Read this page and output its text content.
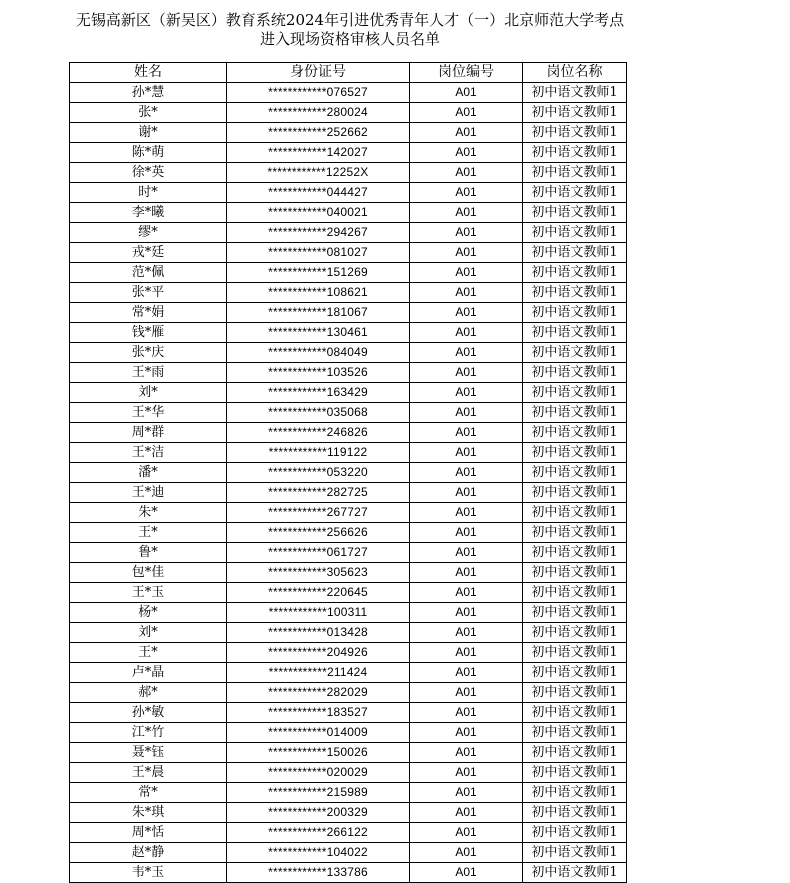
无锡高新区（新吴区）教育系统2024年引进优秀青年人才（一）北京师范大学考点
进入现场资格审核人员名单
姓名	身份证号	岗位编号	岗位名称
孙*慧	************076527	A01	初中语文教师1
张*	************280024	A01	初中语文教师1
谢*	************252662	A01	初中语文教师1
陈*萌	************142027	A01	初中语文教师1
徐*英	************12252X	A01	初中语文教师1
时*	************044427	A01	初中语文教师1
李*曦	************040021	A01	初中语文教师1
缪*	************294267	A01	初中语文教师1
戎*廷	************081027	A01	初中语文教师1
范*佩	************151269	A01	初中语文教师1
张*平	************108621	A01	初中语文教师1
常*娟	************181067	A01	初中语文教师1
钱*雁	************130461	A01	初中语文教师1
张*庆	************084049	A01	初中语文教师1
王*雨	************103526	A01	初中语文教师1
刘*	************163429	A01	初中语文教师1
王*华	************035068	A01	初中语文教师1
周*群	************246826	A01	初中语文教师1
王*洁	************119122	A01	初中语文教师1
潘*	************053220	A01	初中语文教师1
王*迪	************282725	A01	初中语文教师1
朱*	************267727	A01	初中语文教师1
王*	************256626	A01	初中语文教师1
鲁*	************061727	A01	初中语文教师1
包*佳	************305623	A01	初中语文教师1
王*玉	************220645	A01	初中语文教师1
杨*	************100311	A01	初中语文教师1
刘*	************013428	A01	初中语文教师1
王*	************204926	A01	初中语文教师1
卢*晶	************211424	A01	初中语文教师1
郝*	************282029	A01	初中语文教师1
孙*敏	************183527	A01	初中语文教师1
江*竹	************014009	A01	初中语文教师1
聂*钰	************150026	A01	初中语文教师1
王*晨	************020029	A01	初中语文教师1
常*	************215989	A01	初中语文教师1
朱*琪	************200329	A01	初中语文教师1
周*恬	************266122	A01	初中语文教师1
赵*静	************104022	A01	初中语文教师1
韦*玉	************133786	A01	初中语文教师1
